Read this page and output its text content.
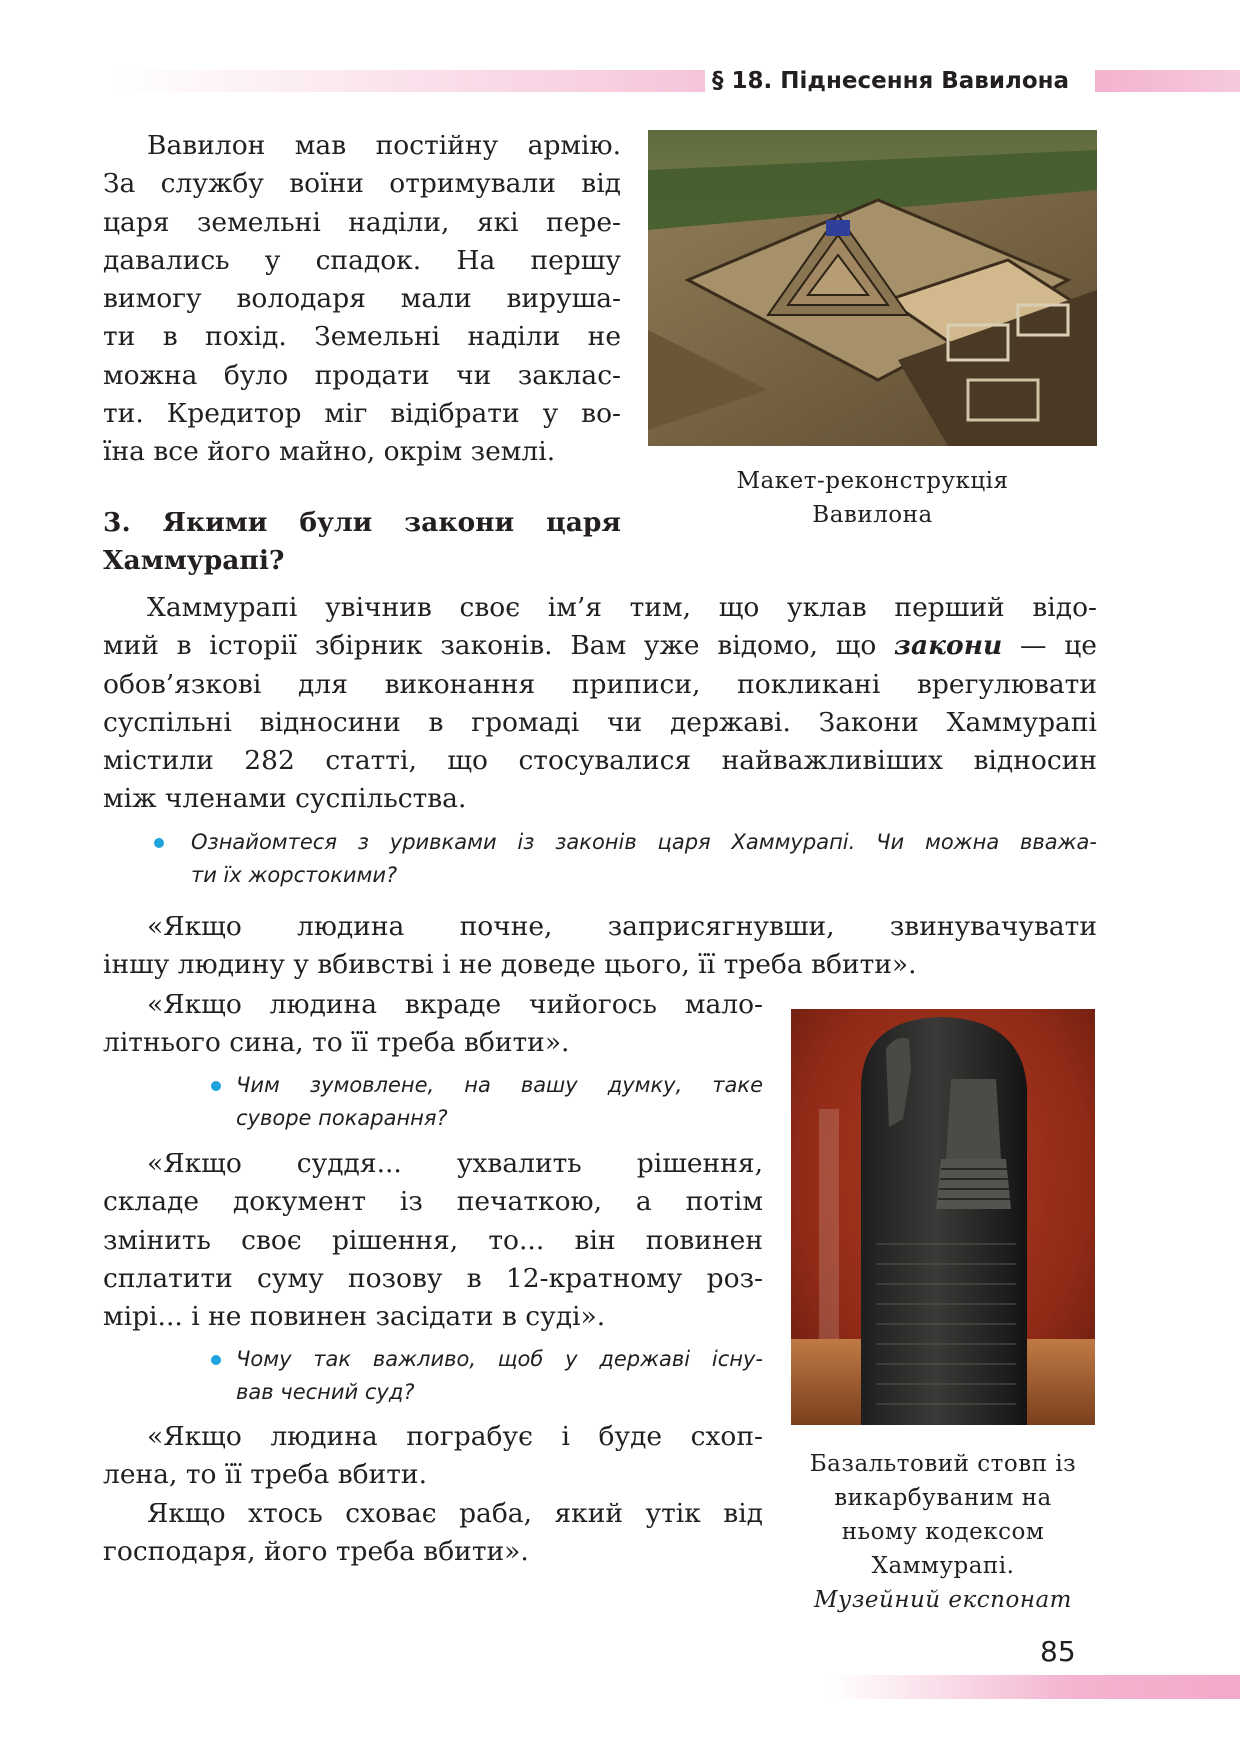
§ 18. Піднесення Вавилона
Вавилон мав постійну армію.
За службу воїни отримували від
царя земельні наділи, які пере-
давались у спадок. На першу
вимогу володаря мали вируша-
ти в похід. Земельні наділи не
можна було продати чи заклас-
ти. Кредитор міг відібрати у во-
їна все його майно, окрім землі.
Макет-реконструкція
Вавилона
3. Якими були закони царя
Хаммурапі?
Хаммурапі увічнив своє ім’я тим, що уклав перший відо-
мий в історії збірник законів. Вам уже відомо, що закони — це
обов’язкові для виконання приписи, покликані врегулювати
суспільні відносини в громаді чи державі. Закони Хаммурапі
містили 282 статті, що стосувалися найважливіших відносин
між членами суспільства.
Ознайомтеся з уривками із законів царя Хаммурапі. Чи можна вважа-
ти їх жорстокими?
«Якщо людина почне, заприсягнувши, звинувачувати
іншу людину у вбивстві і не доведе цього, її треба вбити».
«Якщо людина вкраде чийогось мало-
літнього сина, то її треба вбити».
Чим зумовлене, на вашу думку, таке
суворе покарання?
«Якщо суддя... ухвалить рішення,
складе документ із печаткою, а потім
змінить своє рішення, то... він повинен
сплатити суму позову в 12-кратному роз-
мірі... і не повинен засідати в суді».
Чому так важливо, щоб у державі існу-
вав чесний суд?
«Якщо людина пограбує і буде схоп-
лена, то її треба вбити.
Якщо хтось сховає раба, який утік від
господаря, його треба вбити».
Базальтовий стовп із
викарбуваним на
ньому кодексом
Хаммурапі.
Музейний експонат
85
